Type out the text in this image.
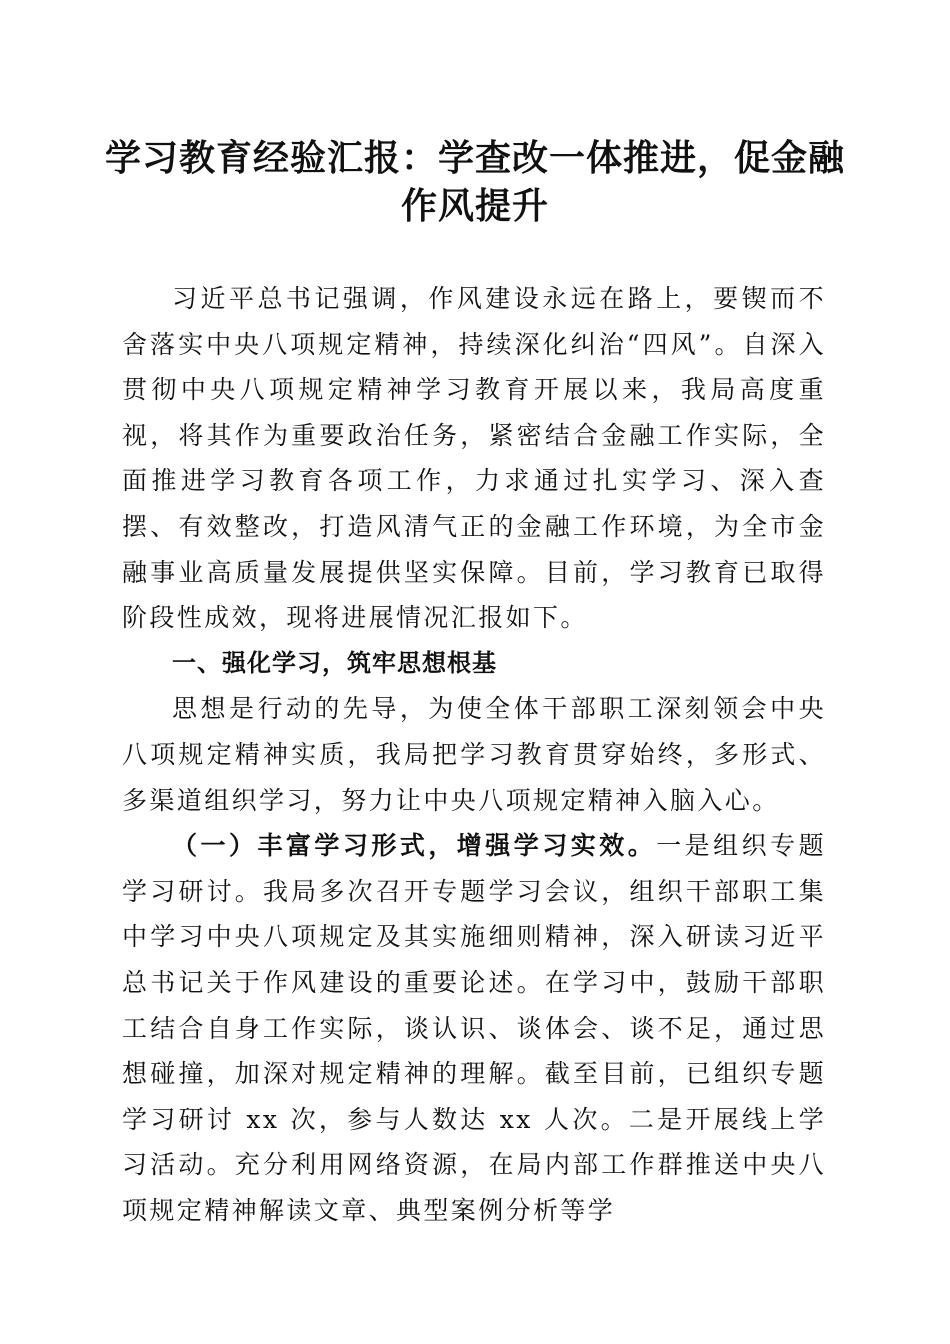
学习教育经验汇报：学查改一体推进，促金融
作风提升

习近平总书记强调，作风建设永远在路上，要锲而不舍落实中央八项规定精神，持续深化纠治“四风”。自深入贯彻中央八项规定精神学习教育开展以来，我局高度重视，将其作为重要政治任务，紧密结合金融工作实际，全面推进学习教育各项工作，力求通过扎实学习、深入查摆、有效整改，打造风清气正的金融工作环境，为全市金融事业高质量发展提供坚实保障。目前，学习教育已取得阶段性成效，现将进展情况汇报如下。

一、强化学习，筑牢思想根基

思想是行动的先导，为使全体干部职工深刻领会中央八项规定精神实质，我局把学习教育贯穿始终，多形式、多渠道组织学习，努力让中央八项规定精神入脑入心。

（一）丰富学习形式，增强学习实效。一是组织专题学习研讨。我局多次召开专题学习会议，组织干部职工集中学习中央八项规定及其实施细则精神，深入研读习近平总书记关于作风建设的重要论述。在学习中，鼓励干部职工结合自身工作实际，谈认识、谈体会、谈不足，通过思想碰撞，加深对规定精神的理解。截至目前，已组织专题学习研讨 xx 次，参与人数达 xx 人次。二是开展线上学习活动。充分利用网络资源，在局内部工作群推送中央八项规定精神解读文章、典型案例分析等学
